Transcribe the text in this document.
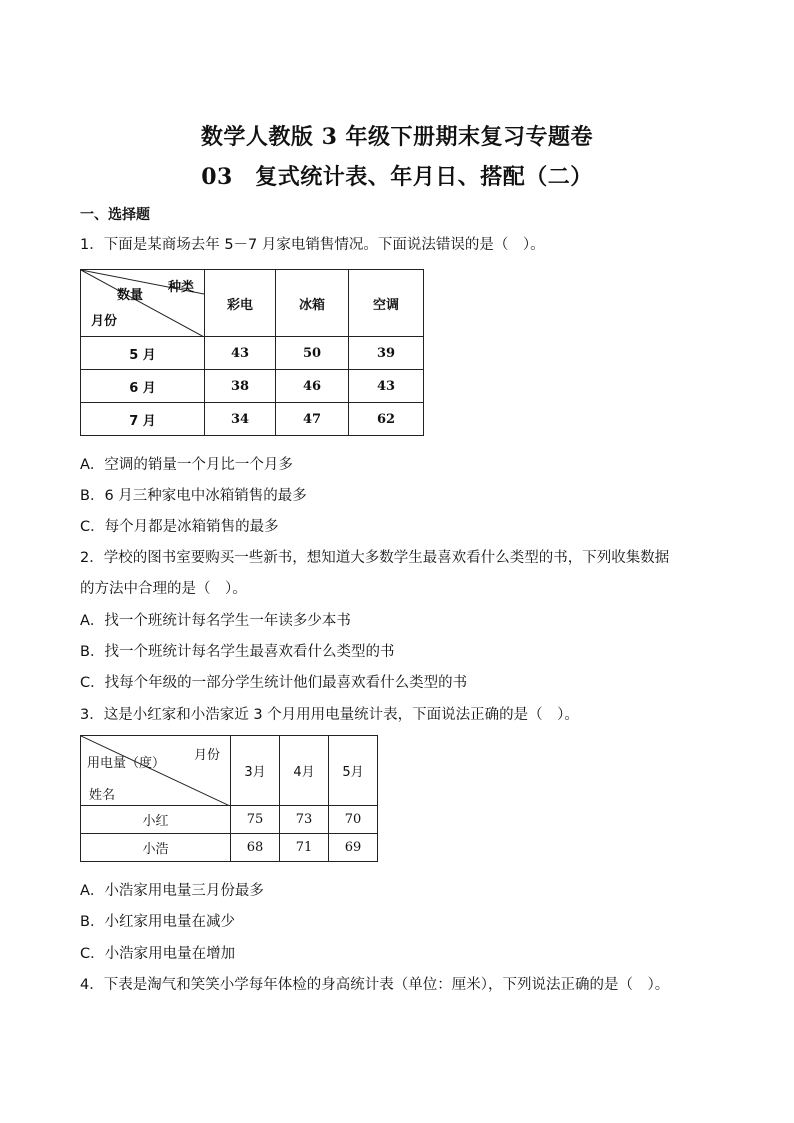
数学人教版 3 年级下册期末复习专题卷
03　复式统计表、年月日、搭配（二）
一、选择题
1．下面是某商场去年 5－7 月家电销售情况。下面说法错误的是（　）。
种类
数量
月份	彩电	冰箱	空调
5 月	43	50	39
6 月	38	46	43
7 月	34	47	62
A．空调的销量一个月比一个月多
B．6 月三种家电中冰箱销售的最多
C．每个月都是冰箱销售的最多
2．学校的图书室要购买一些新书，想知道大多数学生最喜欢看什么类型的书，下列收集数据
的方法中合理的是（　）。
A．找一个班统计每名学生一年读多少本书
B．找一个班统计每名学生最喜欢看什么类型的书
C．找每个年级的一部分学生统计他们最喜欢看什么类型的书
3．这是小红家和小浩家近 3 个月用用电量统计表，下面说法正确的是（　）。
月份
用电量（度）
姓名	3月	4月	5月
小红	75	73	70
小浩	68	71	69
A．小浩家用电量三月份最多
B．小红家用电量在减少
C．小浩家用电量在增加
4．下表是淘气和笑笑小学每年体检的身高统计表（单位：厘米），下列说法正确的是（　）。
